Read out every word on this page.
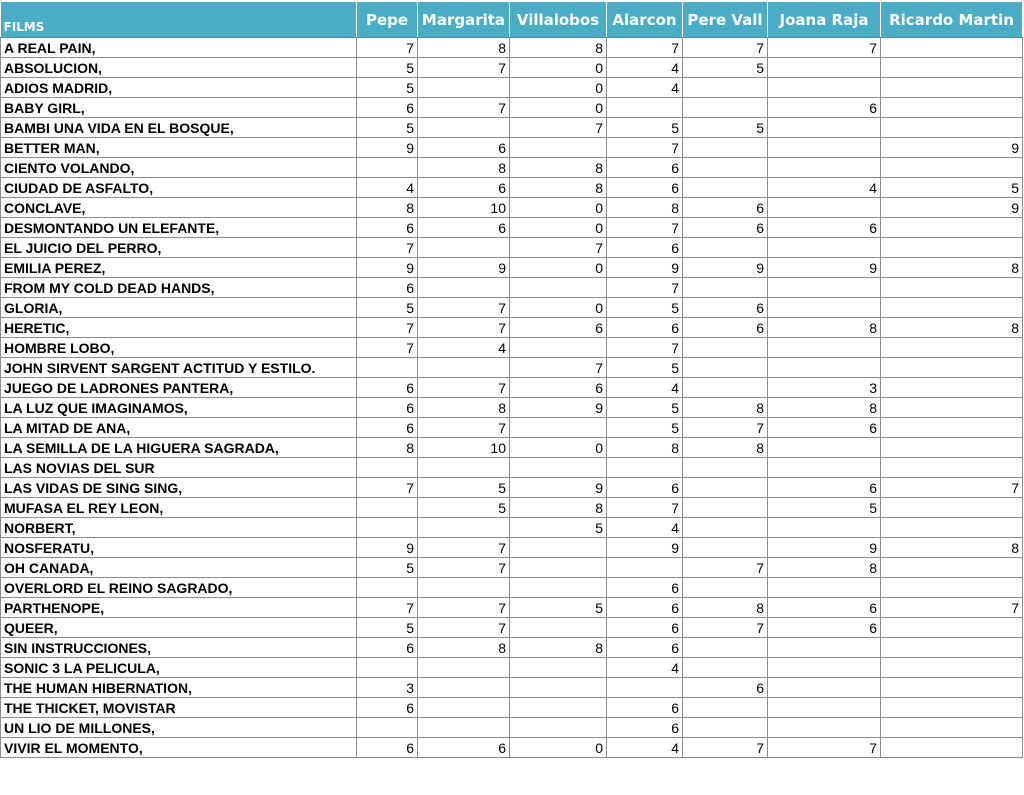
FILMS	Pepe	Margarita	Villalobos	Alarcon	Pere Vall	Joana Raja	Ricardo Martin
A REAL PAIN,	7	8	8	7	7	7	
ABSOLUCION,	5	7	0	4	5		
ADIOS MADRID,	5		0	4			
BABY GIRL,	6	7	0			6	
BAMBI UNA VIDA EN EL BOSQUE,	5		7	5	5		
BETTER MAN,	9	6		7			9
CIENTO VOLANDO,		8	8	6			
CIUDAD DE ASFALTO,	4	6	8	6		4	5
CONCLAVE,	8	10	0	8	6		9
DESMONTANDO UN ELEFANTE,	6	6	0	7	6	6	
EL JUICIO DEL PERRO,	7		7	6			
EMILIA PEREZ,	9	9	0	9	9	9	8
FROM MY COLD DEAD HANDS,	6			7			
GLORIA,	5	7	0	5	6		
HERETIC,	7	7	6	6	6	8	8
HOMBRE LOBO,	7	4		7			
JOHN SIRVENT SARGENT ACTITUD Y ESTILO.			7	5			
JUEGO DE LADRONES PANTERA,	6	7	6	4		3	
LA LUZ QUE IMAGINAMOS,	6	8	9	5	8	8	
LA MITAD DE ANA,	6	7		5	7	6	
LA SEMILLA DE LA HIGUERA SAGRADA,	8	10	0	8	8		
LAS NOVIAS DEL SUR							
LAS VIDAS DE SING SING,	7	5	9	6		6	7
MUFASA EL REY LEON,		5	8	7		5	
NORBERT,			5	4			
NOSFERATU,	9	7		9		9	8
OH CANADA,	5	7			7	8	
OVERLORD EL REINO SAGRADO,				6			
PARTHENOPE,	7	7	5	6	8	6	7
QUEER,	5	7		6	7	6	
SIN INSTRUCCIONES,	6	8	8	6			
SONIC 3 LA PELICULA,				4			
THE HUMAN HIBERNATION,	3				6		
THE THICKET, MOVISTAR	6			6			
UN LIO DE MILLONES,				6			
VIVIR EL MOMENTO,	6	6	0	4	7	7	
